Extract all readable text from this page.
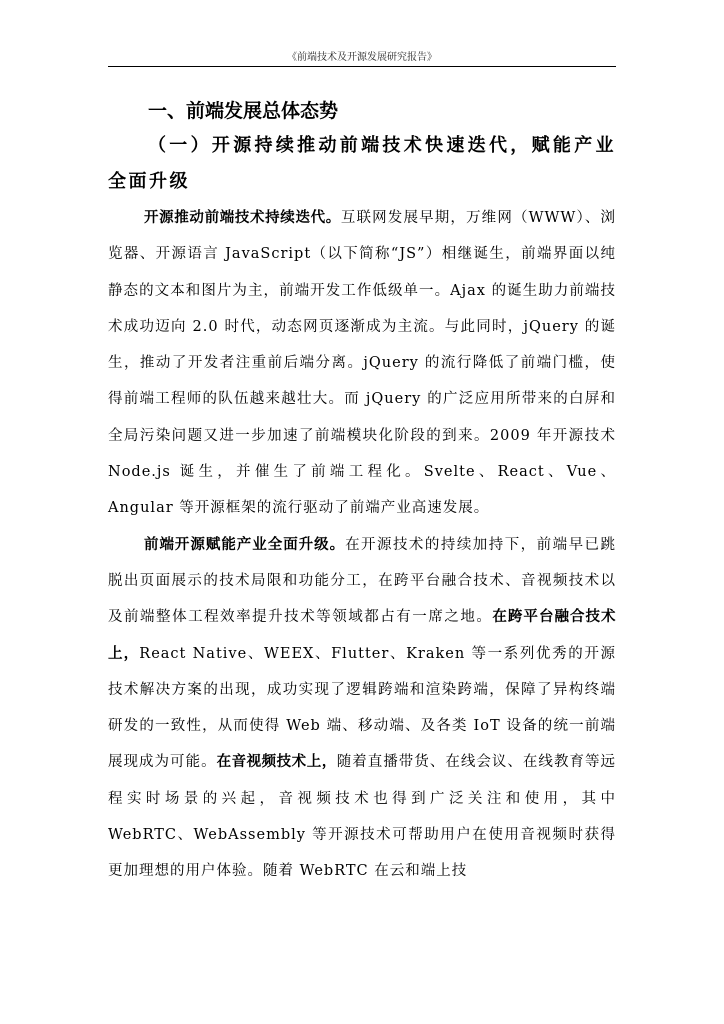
《前端技术及开源发展研究报告》
一、前端发展总体态势
（一）开源持续推动前端技术快速迭代，赋能产业全面升级

开源推动前端技术持续迭代。互联网发展早期，万维网（WWW）、浏览器、开源语言 JavaScript（以下简称“JS”）相继诞生，前端界面以纯静态的文本和图片为主，前端开发工作低级单一。Ajax 的诞生助力前端技术成功迈向 2.0 时代，动态网页逐渐成为主流。与此同时，jQuery 的诞生，推动了开发者注重前后端分离。jQuery 的流行降低了前端门槛，使得前端工程师的队伍越来越壮大。而 jQuery 的广泛应用所带来的白屏和全局污染问题又进一步加速了前端模块化阶段的到来。2009 年开源技术 Node.js 诞生，并催生了前端工程化。Svelte、React、Vue、Angular 等开源框架的流行驱动了前端产业高速发展。

前端开源赋能产业全面升级。在开源技术的持续加持下，前端早已跳脱出页面展示的技术局限和功能分工，在跨平台融合技术、音视频技术以及前端整体工程效率提升技术等领域都占有一席之地。在跨平台融合技术上，React Native、WEEX、Flutter、Kraken 等一系列优秀的开源技术解决方案的出现，成功实现了逻辑跨端和渲染跨端，保障了异构终端研发的一致性，从而使得 Web 端、移动端、及各类 IoT 设备的统一前端展现成为可能。在音视频技术上，随着直播带货、在线会议、在线教育等远程实时场景的兴起，音视频技术也得到广泛关注和使用，其中 WebRTC、WebAssembly 等开源技术可帮助用户在使用音视频时获得更加理想的用户体验。随着 WebRTC 在云和端上技
